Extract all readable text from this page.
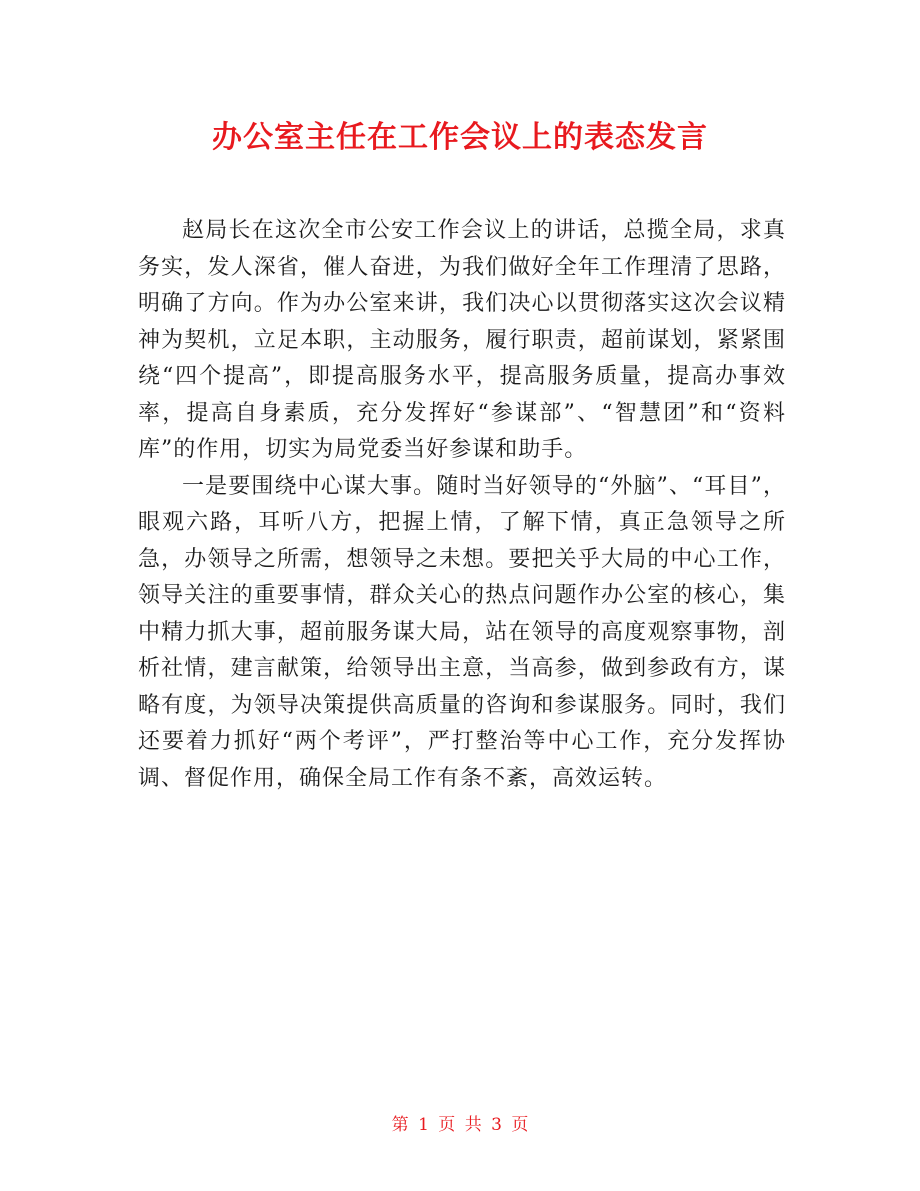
办公室主任在工作会议上的表态发言

赵局长在这次全市公安工作会议上的讲话，总揽全局，求真务实，发人深省，催人奋进，为我们做好全年工作理清了思路，明确了方向。作为办公室来讲，我们决心以贯彻落实这次会议精神为契机，立足本职，主动服务，履行职责，超前谋划，紧紧围绕“四个提高”，即提高服务水平，提高服务质量，提高办事效率，提高自身素质，充分发挥好“参谋部”、“智慧团”和“资料库”的作用，切实为局党委当好参谋和助手。

一是要围绕中心谋大事。随时当好领导的“外脑”、“耳目”，眼观六路，耳听八方，把握上情，了解下情，真正急领导之所急，办领导之所需，想领导之未想。要把关乎大局的中心工作，领导关注的重要事情，群众关心的热点问题作办公室的核心，集中精力抓大事，超前服务谋大局，站在领导的高度观察事物，剖析社情，建言献策，给领导出主意，当高参，做到参政有方，谋略有度，为领导决策提供高质量的咨询和参谋服务。同时，我们还要着力抓好“两个考评”，严打整治等中心工作，充分发挥协调、督促作用，确保全局工作有条不紊，高效运转。

第 1 页 共 3 页
